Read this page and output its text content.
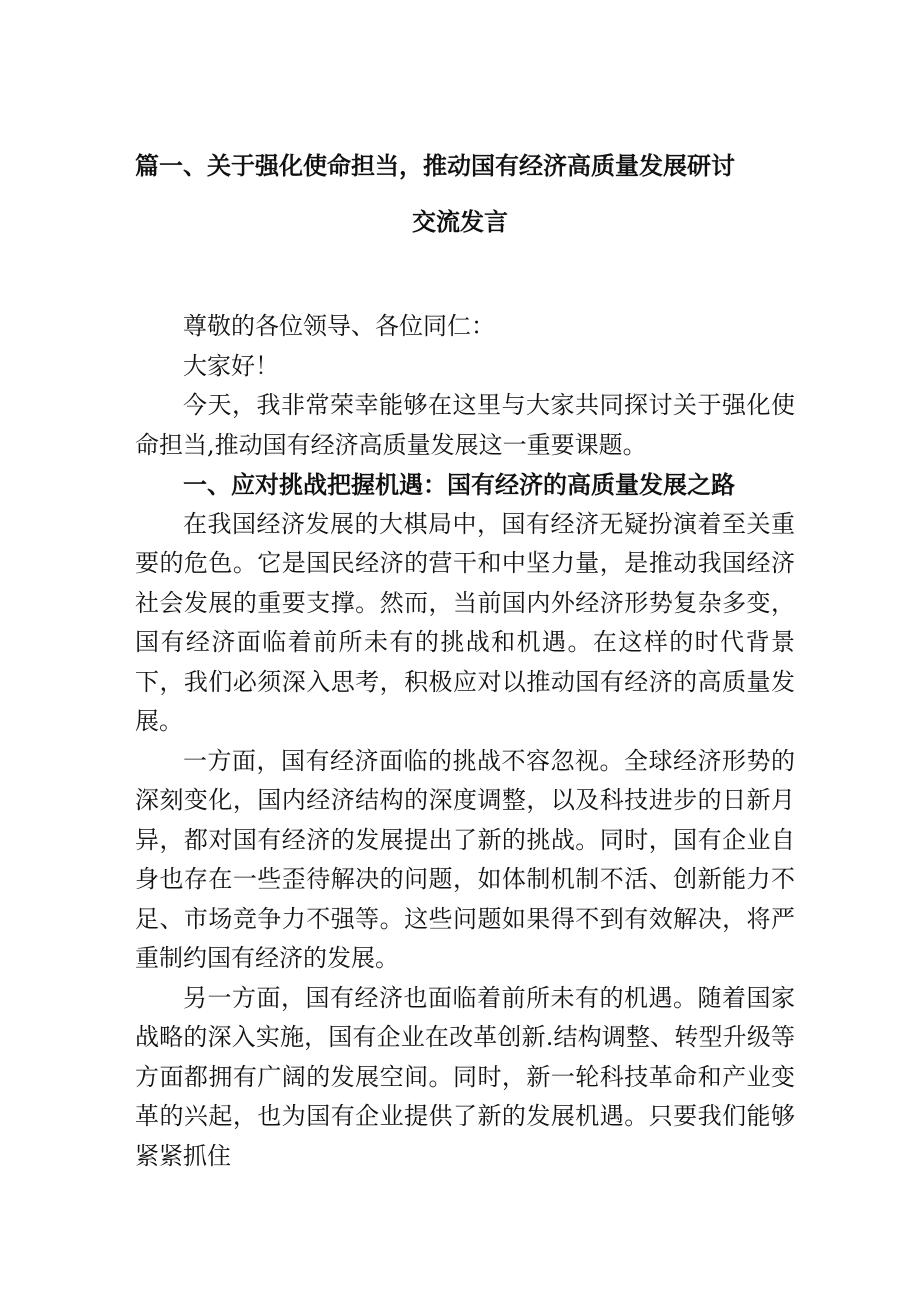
篇一、关于强化使命担当，推动国有经济高质量发展研讨
交流发言

尊敬的各位领导、各位同仁：

大家好！

今天，我非常荣幸能够在这里与大家共同探讨关于强化使命担当,推动国有经济高质量发展这一重要课题。

一、应对挑战把握机遇：国有经济的高质量发展之路

在我国经济发展的大棋局中，国有经济无疑扮演着至关重要的危色。它是国民经济的营干和中坚力量，是推动我国经济社会发展的重要支撑。然而，当前国内外经济形势复杂多变，国有经济面临着前所未有的挑战和机遇。在这样的时代背景下，我们必须深入思考，积极应对以推动国有经济的高质量发展。

一方面，国有经济面临的挑战不容忽视。全球经济形势的深刻变化，国内经济结构的深度调整，以及科技进步的日新月异，都对国有经济的发展提出了新的挑战。同时，国有企业自身也存在一些歪待解决的问题，如体制机制不活、创新能力不足、市场竞争力不强等。这些问题如果得不到有效解决，将严重制约国有经济的发展。

另一方面，国有经济也面临着前所未有的机遇。随着国家战略的深入实施，国有企业在改革创新.结构调整、转型升级等方面都拥有广阔的发展空间。同时，新一轮科技革命和产业变革的兴起，也为国有企业提供了新的发展机遇。只要我们能够紧紧抓住
